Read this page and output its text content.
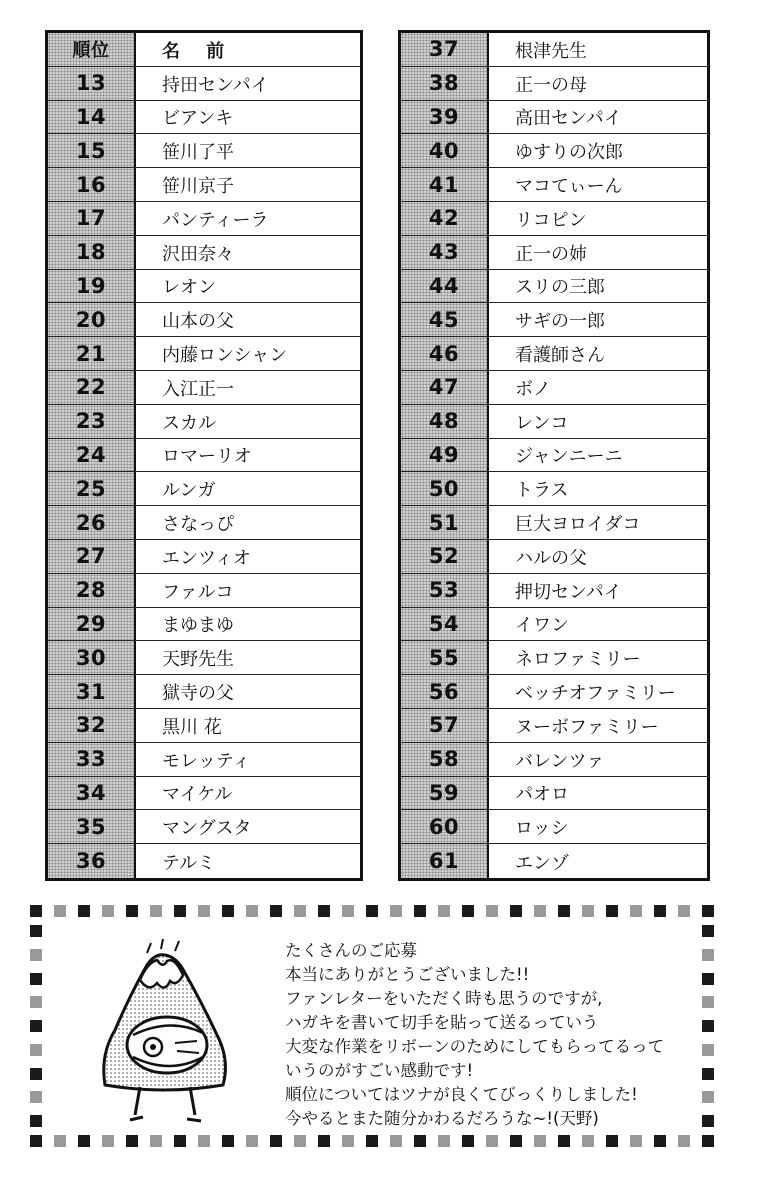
順位	名 前
13	持田センパイ
14	ビアンキ
15	笹川了平
16	笹川京子
17	パンティーラ
18	沢田奈々
19	レオン
20	山本の父
21	内藤ロンシャン
22	入江正一
23	スカル
24	ロマーリオ
25	ルンガ
26	さなっぴ
27	エンツィオ
28	ファルコ
29	まゆまゆ
30	天野先生
31	獄寺の父
32	黒川 花
33	モレッティ
34	マイケル
35	マングスタ
36	テルミ
37	根津先生
38	正一の母
39	高田センパイ
40	ゆすりの次郎
41	マコてぃーん
42	リコピン
43	正一の姉
44	スリの三郎
45	サギの一郎
46	看護師さん
47	ボノ
48	レンコ
49	ジャンニーニ
50	トラス
51	巨大ヨロイダコ
52	ハルの父
53	押切センパイ
54	イワン
55	ネロファミリー
56	ベッチオファミリー
57	ヌーボファミリー
58	バレンツァ
59	パオロ
60	ロッシ
61	エンゾ
たくさんのご応募
本当にありがとうございました!!
ファンレターをいただく時も思うのですが,
ハガキを書いて切手を貼って送るっていう
大変な作業をリボーンのためにしてもらってるって
いうのがすごい感動です!
順位についてはツナが良くてびっくりしました!
今やるとまた随分かわるだろうな~!(天野)
